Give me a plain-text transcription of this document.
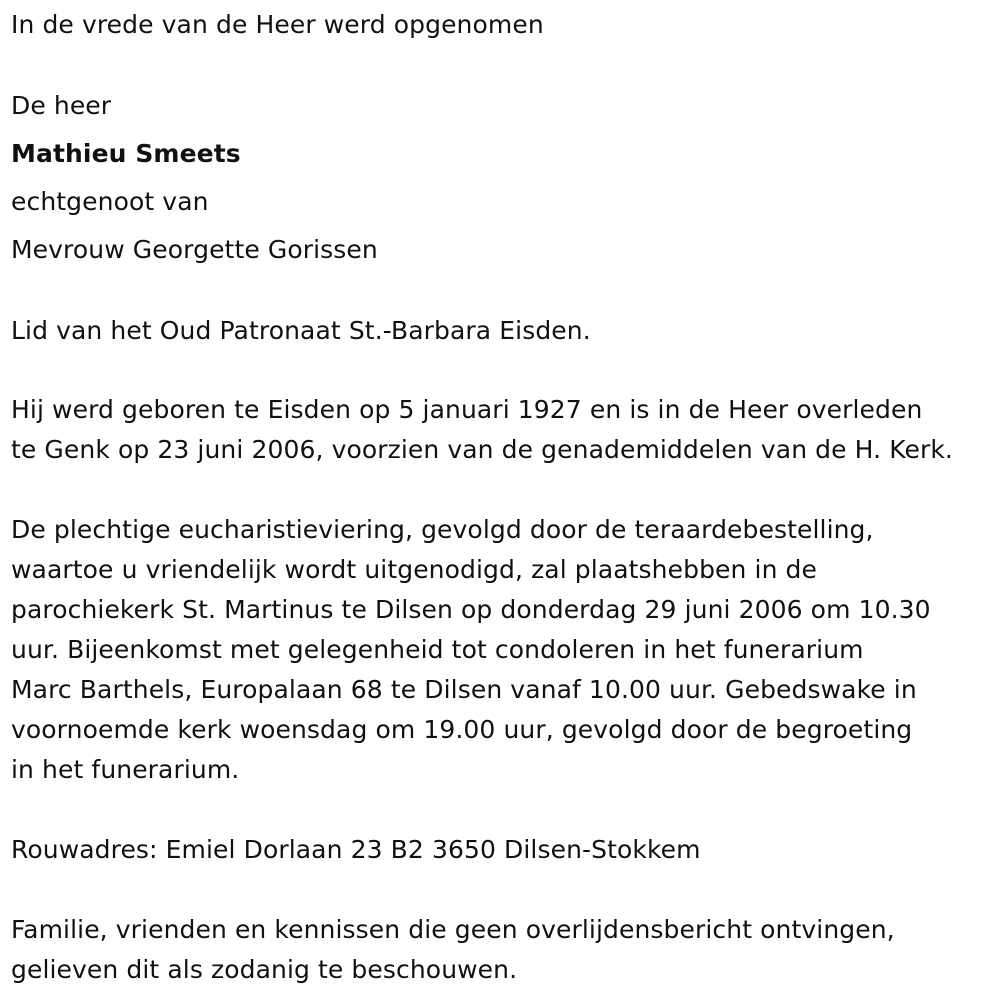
In de vrede van de Heer werd opgenomen
De heer
Mathieu Smeets
echtgenoot van
Mevrouw Georgette Gorissen
Lid van het Oud Patronaat St.-Barbara Eisden.
Hij werd geboren te Eisden op 5 januari 1927 en is in de Heer overleden
te Genk op 23 juni 2006, voorzien van de genademiddelen van de H. Kerk.
De plechtige eucharistieviering, gevolgd door de teraardebestelling,
waartoe u vriendelijk wordt uitgenodigd, zal plaatshebben in de
parochiekerk St. Martinus te Dilsen op donderdag 29 juni 2006 om 10.30
uur. Bijeenkomst met gelegenheid tot condoleren in het funerarium
Marc Barthels, Europalaan 68 te Dilsen vanaf 10.00 uur. Gebedswake in
voornoemde kerk woensdag om 19.00 uur, gevolgd door de begroeting
in het funerarium.
Rouwadres: Emiel Dorlaan 23 B2 3650 Dilsen-Stokkem
Familie, vrienden en kennissen die geen overlijdensbericht ontvingen,
gelieven dit als zodanig te beschouwen.
